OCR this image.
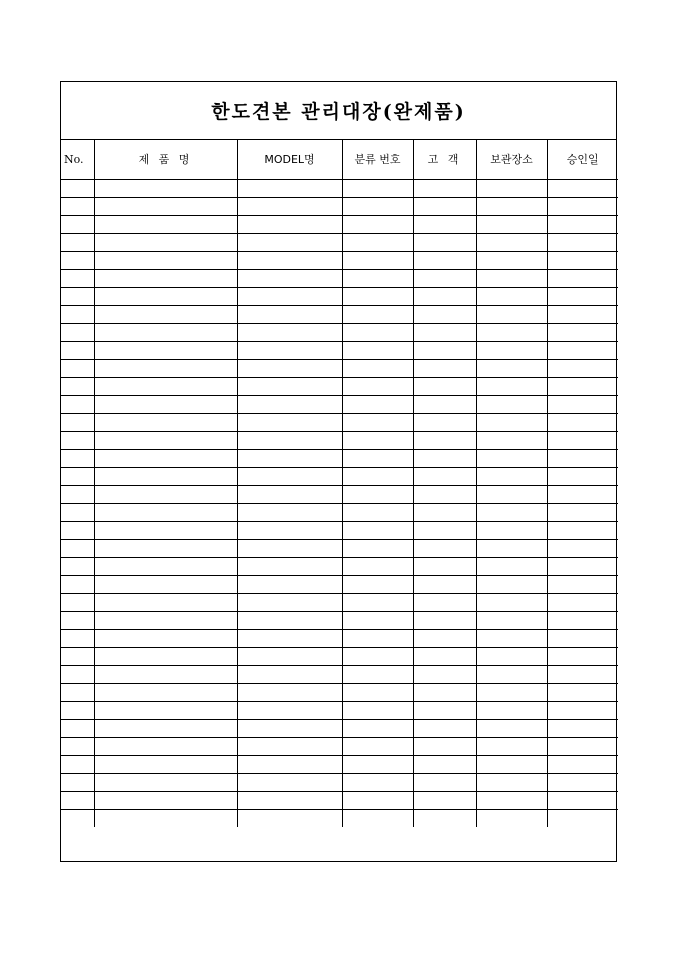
한도견본 관리대장(완제품)
No.	제 품 명	MODEL명	분류 번호	고 객	보관장소	승인일
